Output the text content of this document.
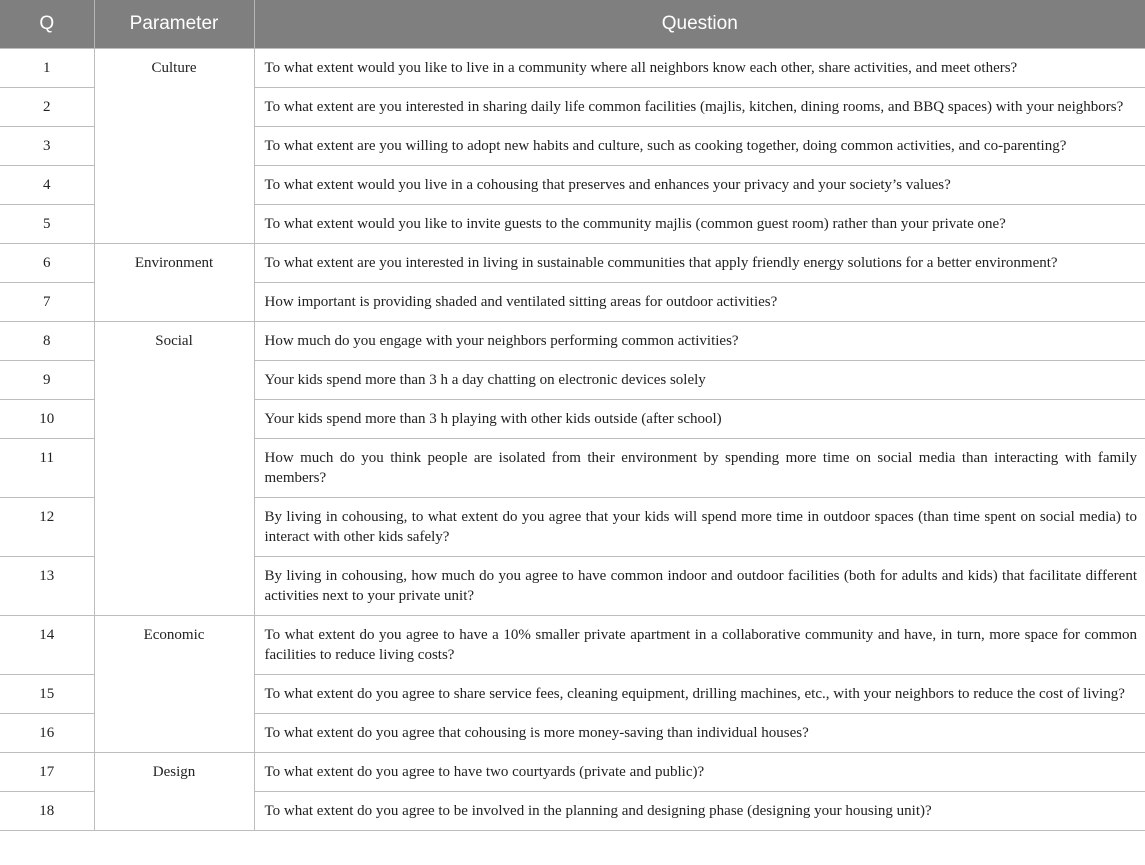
Q	Parameter	Question
1	Culture	To what extent would you like to live in a community where all neighbors know each other, share activities, and meet others?
2		To what extent are you interested in sharing daily life common facilities (majlis, kitchen, dining rooms, and BBQ spaces) with your neighbors?
3		To what extent are you willing to adopt new habits and culture, such as cooking together, doing common activities, and co-parenting?
4		To what extent would you live in a cohousing that preserves and enhances your privacy and your society’s values?
5		To what extent would you like to invite guests to the community majlis (common guest room) rather than your private one?
6	Environment	To what extent are you interested in living in sustainable communities that apply friendly energy solutions for a better environment?
7		How important is providing shaded and ventilated sitting areas for outdoor activities?
8	Social	How much do you engage with your neighbors performing common activities?
9		Your kids spend more than 3 h a day chatting on electronic devices solely
10		Your kids spend more than 3 h playing with other kids outside (after school)
11		How much do you think people are isolated from their environment by spending more time on social media than interacting with family members?
12		By living in cohousing, to what extent do you agree that your kids will spend more time in outdoor spaces (than time spent on social media) to interact with other kids safely?
13		By living in cohousing, how much do you agree to have common indoor and outdoor facilities (both for adults and kids) that facilitate different activities next to your private unit?
14	Economic	To what extent do you agree to have a 10% smaller private apartment in a collaborative community and have, in turn, more space for common facilities to reduce living costs?
15		To what extent do you agree to share service fees, cleaning equipment, drilling machines, etc., with your neighbors to reduce the cost of living?
16		To what extent do you agree that cohousing is more money-saving than individual houses?
17	Design	To what extent do you agree to have two courtyards (private and public)?
18		To what extent do you agree to be involved in the planning and designing phase (designing your housing unit)?
